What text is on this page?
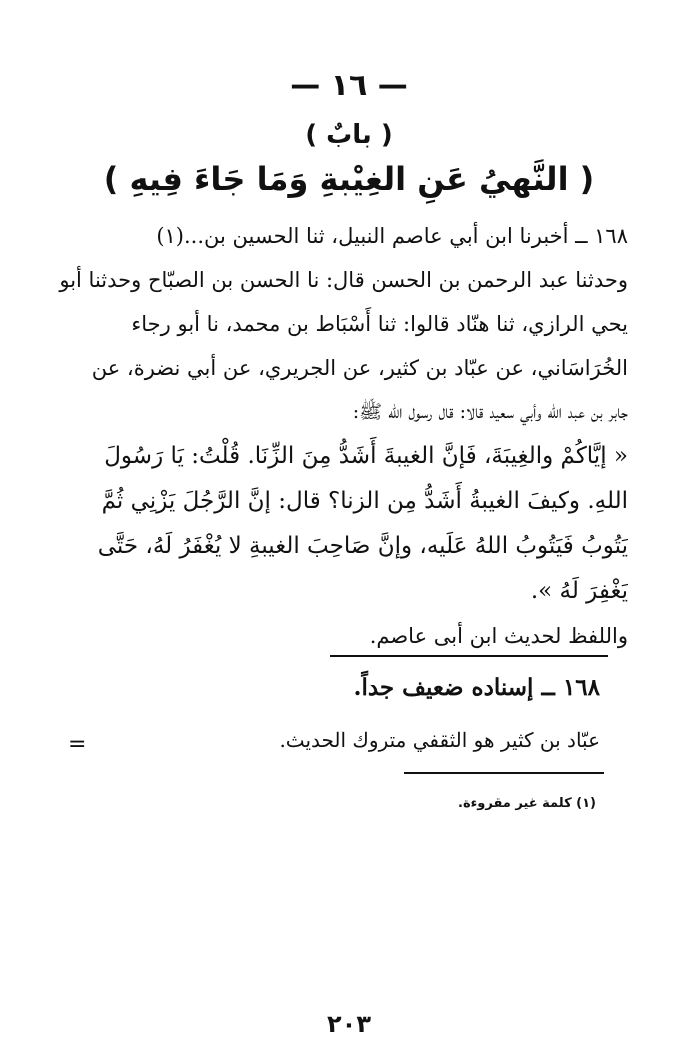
— ١٦ —
( بابٌ )
( النَّهيُ عَنِ الغِيْبةِ وَمَا جَاءَ فِيهِ )
١٦٨ ــ أخبرنا ابن أبي عاصم النبيل، ثنا الحسين بن...(١)
وحدثنا عبد الرحمن بن الحسن قال: نا الحسن بن الصبّاح وحدثنا أبو
يحي الرازي، ثنا هنّاد قالوا: ثنا أَسْبَاط بن محمد، نا أبو رجاء
الخُرَاسَاني، عن عبّاد بن كثير، عن الجريري، عن أبي نضرة، عن
جابر بن عبد الله وأبي سعيد قالا: قال رسول الله ﷺ:
« إيَّاكُمْ والغِيبَةَ، فَإنَّ الغيبةَ أَشَدُّ مِنَ الزِّنَا. قُلْتُ: يَا رَسُولَ
اللهِ. وكيفَ الغيبةُ أَشَدُّ مِن الزنا؟ قال: إنَّ الرَّجُلَ يَزْنِي ثُمَّ
يَتُوبُ فَيَتُوبُ اللهُ عَلَيه، وإنَّ صَاحِبَ الغيبةِ لا يُغْفَرُ لَهُ، حَتَّى
يَغْفِرَ لَهُ ».
واللفظ لحديث ابن أبى عاصم.
١٦٨ ــ إسناده ضعيف جداً.
عبّاد بن كثير هو الثقفي متروك الحديث.
=
(١) كلمة غير مقروءة.
٢٠٣
